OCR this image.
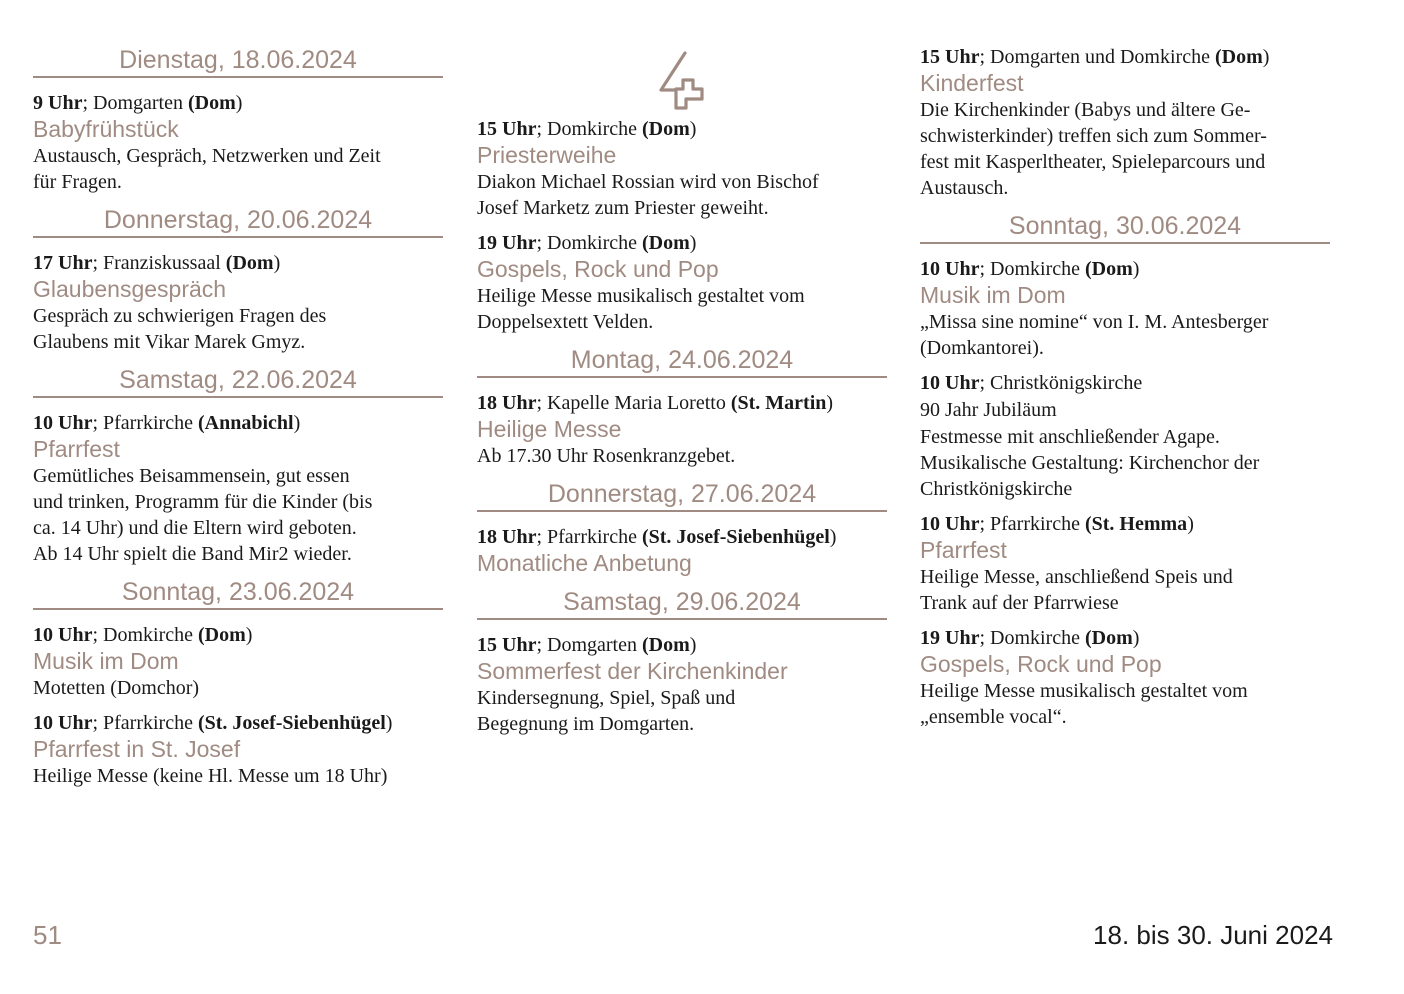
Dienstag, 18.06.2024
9 Uhr; Domgarten (Dom)
Babyfrühstück
Austausch, Gespräch, Netzwerken und Zeit
für Fragen.
Donnerstag, 20.06.2024
17 Uhr; Franziskussaal (Dom)
Glaubensgespräch
Gespräch zu schwierigen Fragen des
Glaubens mit Vikar Marek Gmyz.
Samstag, 22.06.2024
10 Uhr; Pfarrkirche (Annabichl)
Pfarrfest
Gemütliches Beisammensein, gut essen
und trinken, Programm für die Kinder (bis
ca. 14 Uhr) und die Eltern wird geboten.
Ab 14 Uhr spielt die Band Mir2 wieder.
Sonntag, 23.06.2024
10 Uhr; Domkirche (Dom)
Musik im Dom
Motetten (Domchor)
10 Uhr; Pfarrkirche (St. Josef-Siebenhügel)
Pfarrfest in St. Josef
Heilige Messe (keine Hl. Messe um 18 Uhr)
15 Uhr; Domkirche (Dom)
Priesterweihe
Diakon Michael Rossian wird von Bischof
Josef Marketz zum Priester geweiht.
19 Uhr; Domkirche (Dom)
Gospels, Rock und Pop
Heilige Messe musikalisch gestaltet vom
Doppelsextett Velden.
Montag, 24.06.2024
18 Uhr; Kapelle Maria Loretto (St. Martin)
Heilige Messe
Ab 17.30 Uhr Rosenkranzgebet.
Donnerstag, 27.06.2024
18 Uhr; Pfarrkirche (St. Josef-Siebenhügel)
Monatliche Anbetung
Samstag, 29.06.2024
15 Uhr; Domgarten (Dom)
Sommerfest der Kirchenkinder
Kindersegnung, Spiel, Spaß und
Begegnung im Domgarten.
15 Uhr; Domgarten und Domkirche (Dom)
Kinderfest
Die Kirchenkinder (Babys und ältere Ge-
schwisterkinder) treffen sich zum Sommer-
fest mit Kasperltheater, Spieleparcours und
Austausch.
Sonntag, 30.06.2024
10 Uhr; Domkirche (Dom)
Musik im Dom
„Missa sine nomine“ von I. M. Antesberger
(Domkantorei).
10 Uhr; Christkönigskirche
90 Jahr Jubiläum
Festmesse mit anschließender Agape.
Musikalische Gestaltung: Kirchenchor der
Christkönigskirche
10 Uhr; Pfarrkirche (St. Hemma)
Pfarrfest
Heilige Messe, anschließend Speis und
Trank auf der Pfarrwiese
19 Uhr; Domkirche (Dom)
Gospels, Rock und Pop
Heilige Messe musikalisch gestaltet vom
„ensemble vocal“.
51	18. bis 30. Juni 2024
